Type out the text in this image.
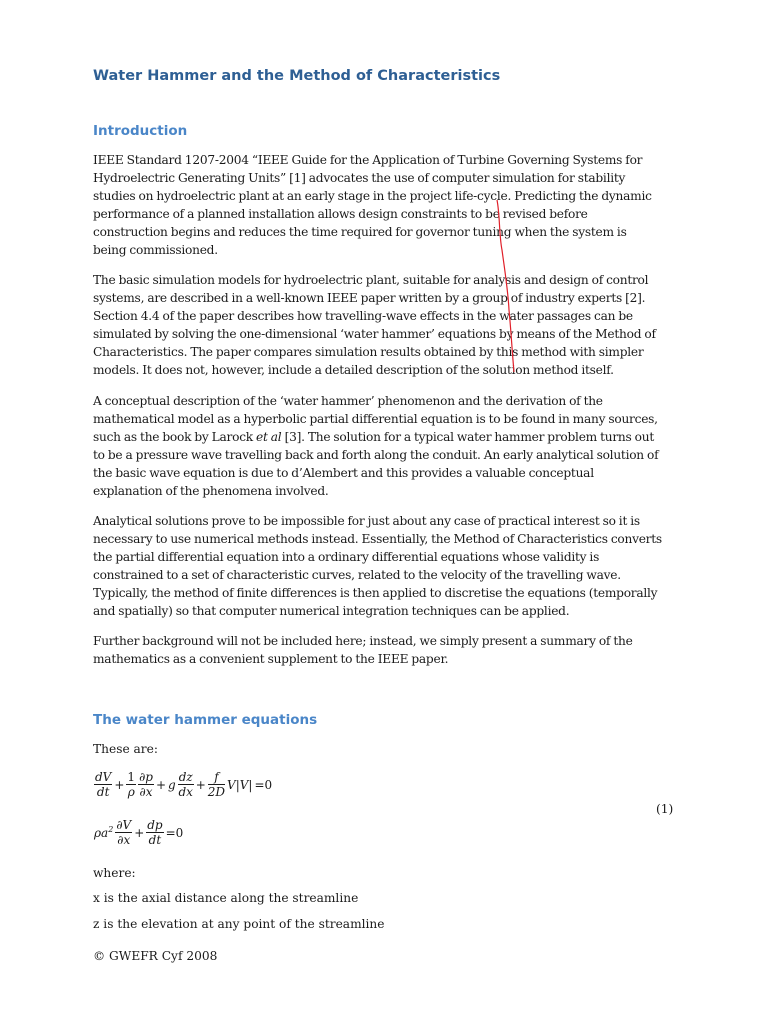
Water Hammer and the Method of Characteristics
Introduction
IEEE Standard 1207-2004 “IEEE Guide for the Application of Turbine Governing Systems for
Hydroelectric Generating Units” [1] advocates the use of computer simulation for stability
studies on hydroelectric plant at an early stage in the project life-cycle. Predicting the dynamic
performance of a planned installation allows design constraints to be revised before
construction begins and reduces the time required for governor tuning when the system is
being commissioned.
The basic simulation models for hydroelectric plant, suitable for analysis and design of control
systems, are described in a well-known IEEE paper written by a group of industry experts [2].
Section 4.4 of the paper describes how travelling-wave effects in the water passages can be
simulated by solving the one-dimensional ‘water hammer’ equations by means of the Method of
Characteristics. The paper compares simulation results obtained by this method with simpler
models. It does not, however, include a detailed description of the solution method itself.
A conceptual description of the ‘water hammer’ phenomenon and the derivation of the
mathematical model as a hyperbolic partial differential equation is to be found in many sources,
such as the book by Larock et al [3]. The solution for a typical water hammer problem turns out
to be a pressure wave travelling back and forth along the conduit. An early analytical solution of
the basic wave equation is due to d’Alembert and this provides a valuable conceptual
explanation of the phenomena involved.
Analytical solutions prove to be impossible for just about any case of practical interest so it is
necessary to use numerical methods instead. Essentially, the Method of Characteristics converts
the partial differential equation into a ordinary differential equations whose validity is
constrained to a set of characteristic curves, related to the velocity of the travelling wave.
Typically, the method of finite differences is then applied to discretise the equations (temporally
and spatially) so that computer numerical integration techniques can be applied.
Further background will not be included here; instead, we simply present a summary of the
mathematics as a convenient supplement to the IEEE paper.
The water hammer equations
These are:
$\frac{dV}{dt} + \frac{1}{\rho} \frac{\partial p}{\partial x} + g \frac{dz}{dx} + \frac{f}{2D} V|V| =0$
$\rho a^2 \frac{\partial V}{\partial x} + \frac{dp}{dt} =0$
(1)
where:
x is the axial distance along the streamline
z is the elevation at any point of the streamline
© GWEFR Cyf 2008
